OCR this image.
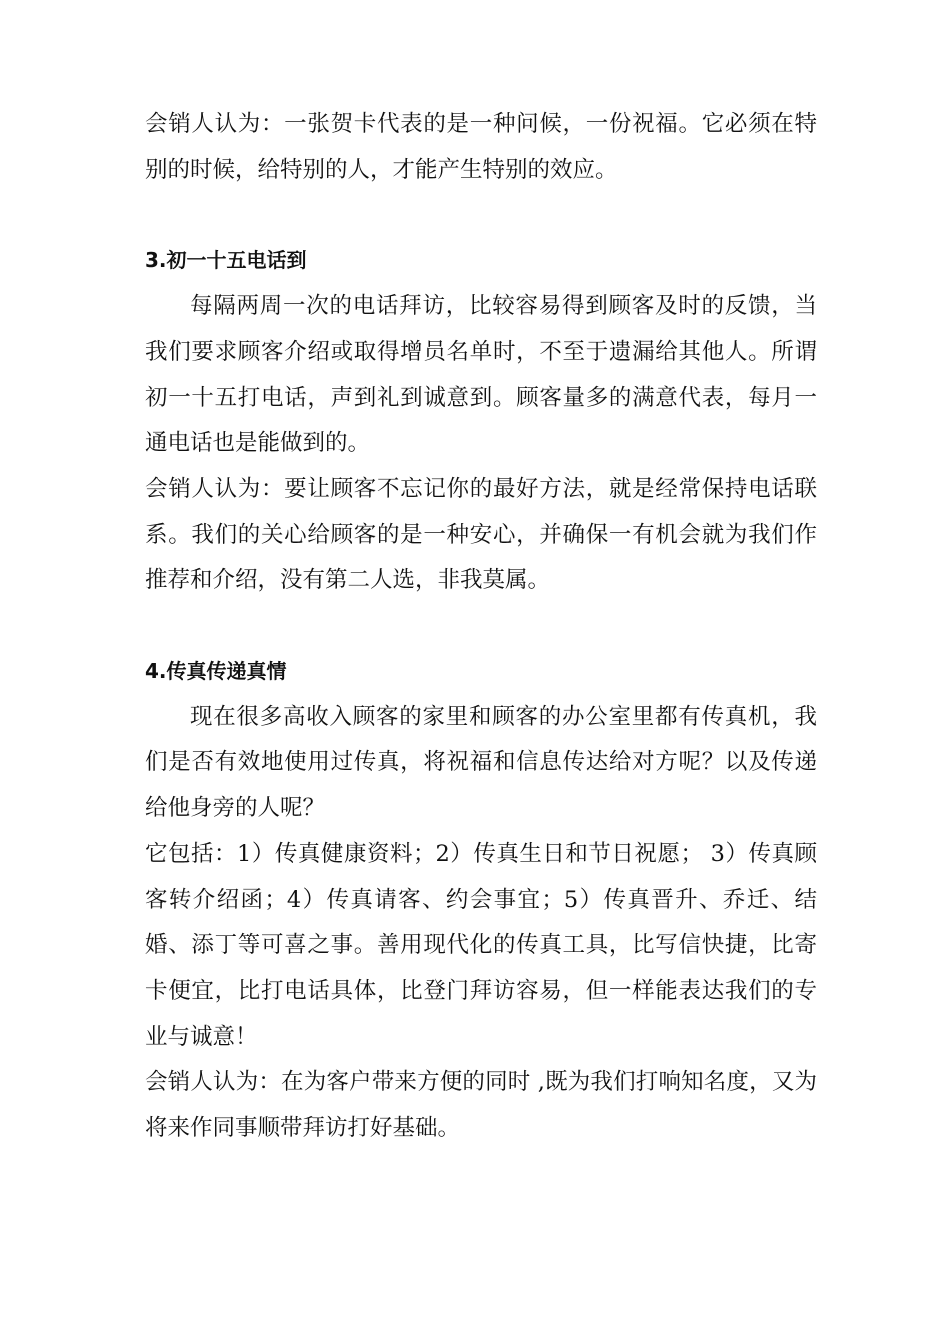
会销人认为：一张贺卡代表的是一种问候，一份祝福。它必须在特别的时候，给特别的人，才能产生特别的效应。

3.初一十五电话到

每隔两周一次的电话拜访，比较容易得到顾客及时的反馈，当我们要求顾客介绍或取得增员名单时，不至于遗漏给其他人。所谓初一十五打电话，声到礼到诚意到。顾客量多的满意代表，每月一通电话也是能做到的。

会销人认为：要让顾客不忘记你的最好方法，就是经常保持电话联系。我们的关心给顾客的是一种安心，并确保一有机会就为我们作推荐和介绍，没有第二人选，非我莫属。

4.传真传递真情

现在很多高收入顾客的家里和顾客的办公室里都有传真机，我们是否有效地使用过传真，将祝福和信息传达给对方呢？以及传递给他身旁的人呢？

它包括：1）传真健康资料；2）传真生日和节日祝愿； 3）传真顾客转介绍函；4）传真请客、约会事宜；5）传真晋升、乔迁、结婚、添丁等可喜之事。善用现代化的传真工具，比写信快捷，比寄卡便宜，比打电话具体，比登门拜访容易，但一样能表达我们的专业与诚意！

会销人认为：在为客户带来方便的同时 ,既为我们打响知名度，又为将来作同事顺带拜访打好基础。
